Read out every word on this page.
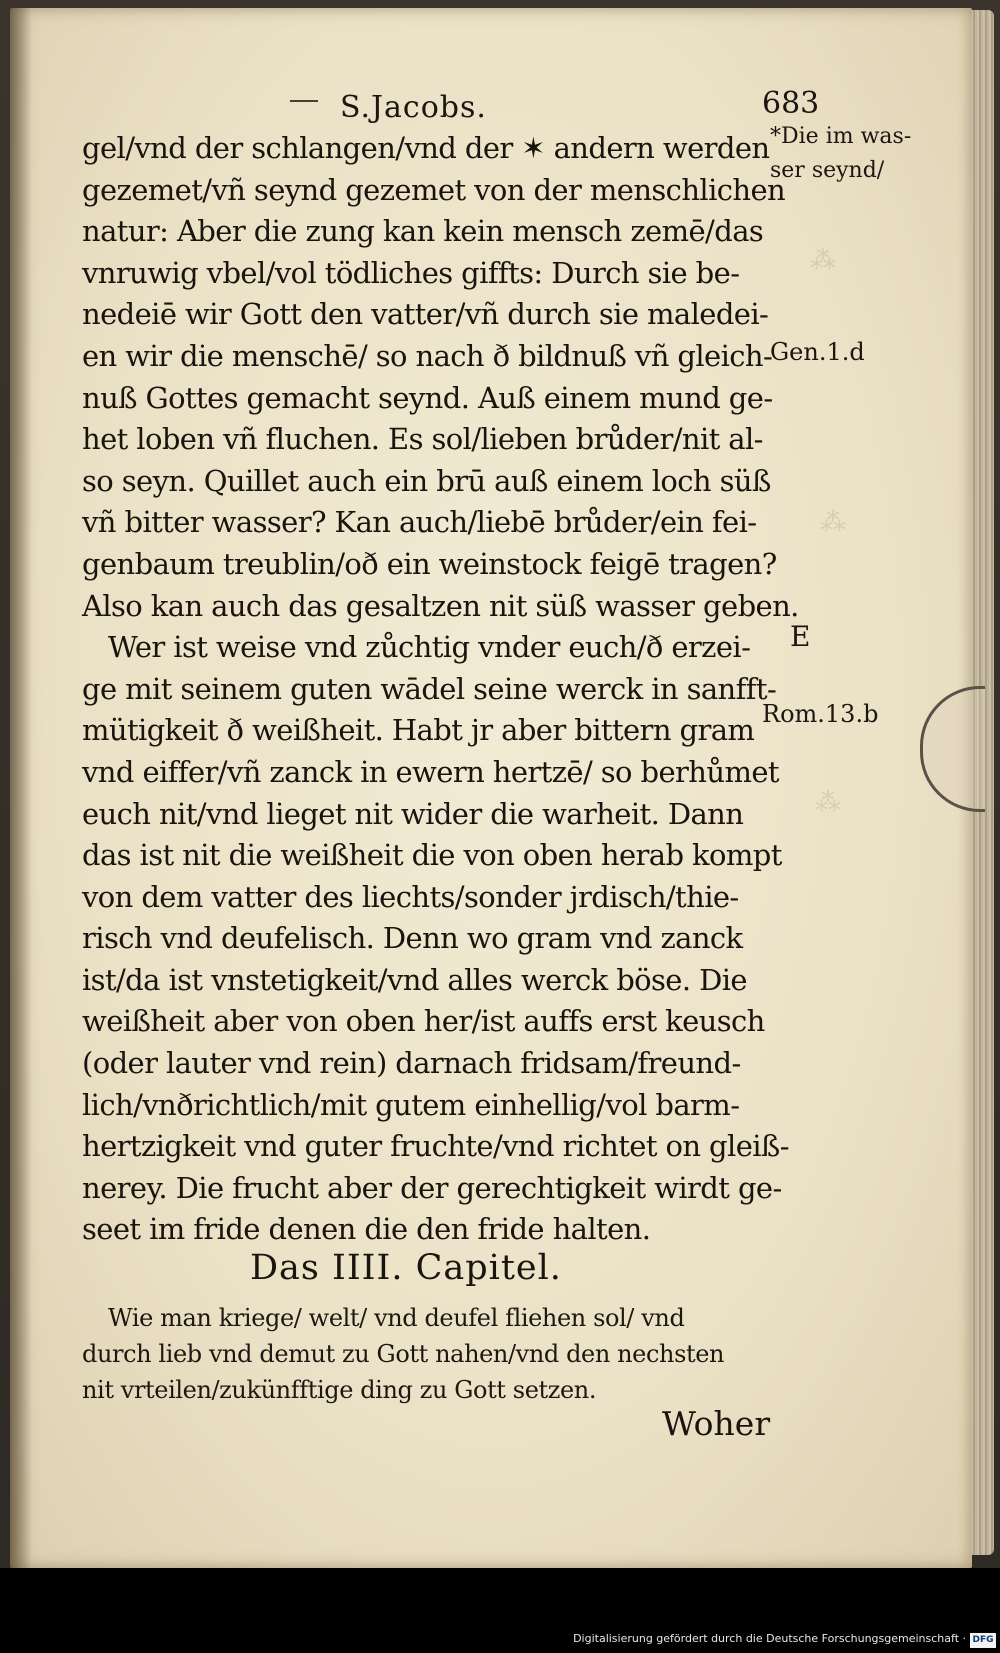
⁂
⁂
⁂
S.Jacobs.	683
gel/vnd der schlangen/vnd der ✶ andern werden
gezemet/vñ seynd gezemet von der menschlichen
natur: Aber die zung kan kein mensch zemē/das
vnruwig vbel/vol tödliches giffts: Durch sie be-
nedeiē wir Gott den vatter/vñ durch sie maledei-
en wir die menschē/ so nach ð bildnuß vñ gleich-
nuß Gottes gemacht seynd. Auß einem mund ge-
het loben vñ fluchen. Es sol/lieben brůder/nit al-
so seyn. Quillet auch ein brū auß einem loch süß
vñ bitter wasser? Kan auch/liebē brůder/ein fei-
genbaum treublin/oð ein weinstock feigē tragen?
Also kan auch das gesaltzen nit süß wasser geben.
Wer ist weise vnd zůchtig vnder euch/ð erzei-
ge mit seinem guten wādel seine werck in sanfft-
mütigkeit ð weißheit. Habt jr aber bittern gram
vnd eiffer/vñ zanck in ewern hertzē/ so berhůmet
euch nit/vnd lieget nit wider die warheit. Dann
das ist nit die weißheit die von oben herab kompt
von dem vatter des liechts/sonder jrdisch/thie-
risch vnd deufelisch. Denn wo gram vnd zanck
ist/da ist vnstetigkeit/vnd alles werck böse. Die
weißheit aber von oben her/ist auffs erst keusch
(oder lauter vnd rein) darnach fridsam/freund-
lich/vnðrichtlich/mit gutem einhellig/vol barm-
hertzigkeit vnd guter fruchte/vnd richtet on gleiß-
nerey. Die frucht aber der gerechtigkeit wirdt ge-
seet im fride denen die den fride halten.
*Die im was-
ser seynd/
Gen.1.d
E
Rom.13.b
Das IIII. Capitel.
Wie man kriege/ welt/ vnd deufel fliehen sol/ vnd
durch lieb vnd demut zu Gott nahen/vnd den nechsten
nit vrteilen/zukünfftige ding zu Gott setzen.
Woher
Digitalisierung gefördert durch die Deutsche Forschungsgemeinschaft · DFG
